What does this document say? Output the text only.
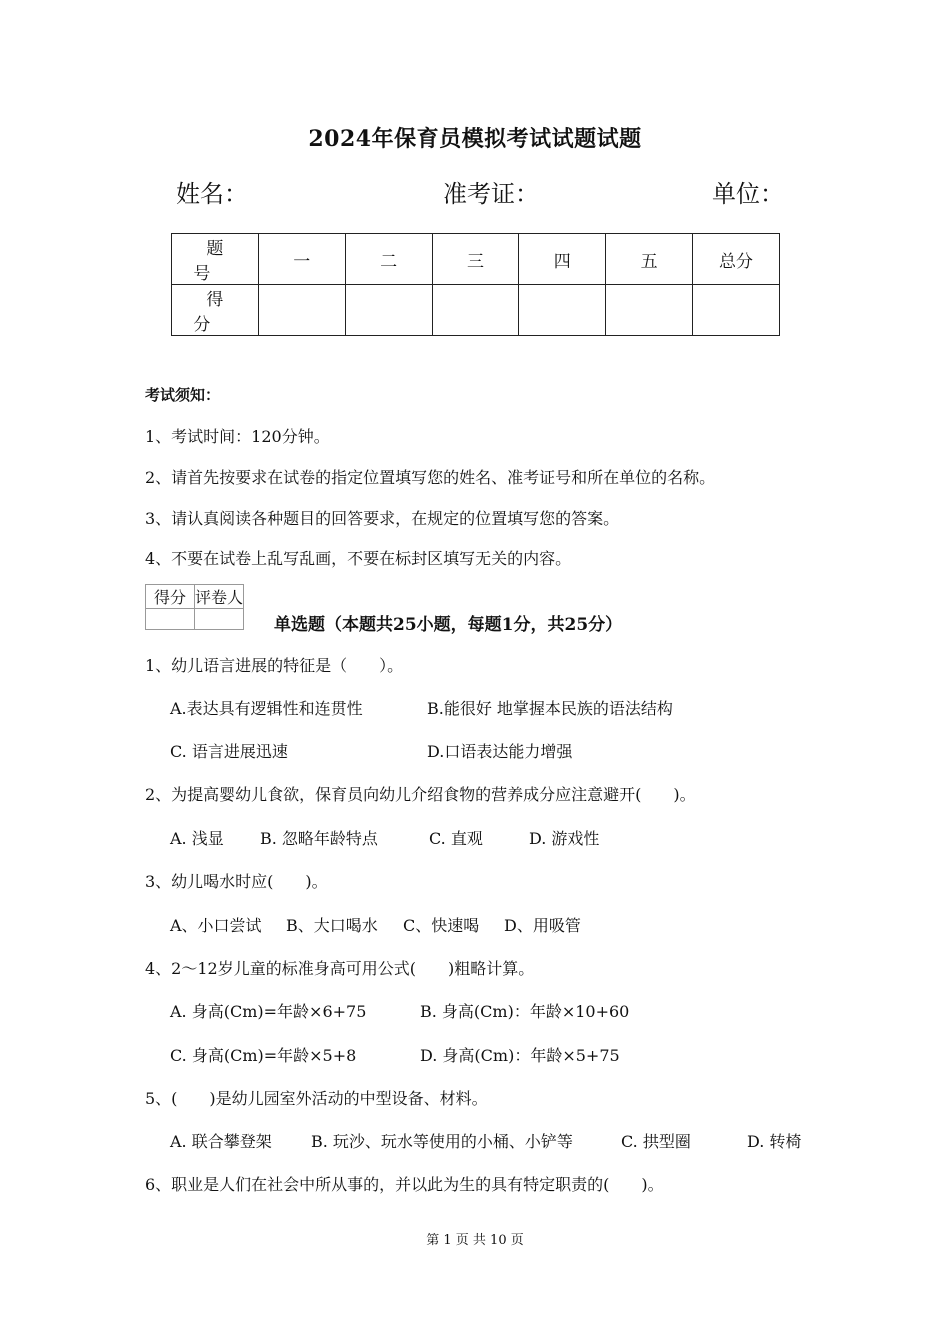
2024年保育员模拟考试试题试题
姓名：	准考证：	单位：
题　号	一	二	三	四	五	总分
得　分						
考试须知：
1、考试时间：120分钟。
2、请首先按要求在试卷的指定位置填写您的姓名、准考证号和所在单位的名称。
3、请认真阅读各种题目的回答要求，在规定的位置填写您的答案。
4、不要在试卷上乱写乱画，不要在标封区填写无关的内容。
得分	评卷人

单选题（本题共25小题，每题1分，共25分）
1、幼儿语言进展的特征是（　　）。
A.表达具有逻辑性和连贯性	B.能很好 地掌握本民族的语法结构
C. 语言进展迅速	D.口语表达能力增强
2、为提高婴幼儿食欲，保育员向幼儿介绍食物的营养成分应注意避开(　　)。
A. 浅显 B. 忽略年龄特点	C. 直观	D. 游戏性
3、幼儿喝水时应(　　)。
A、小口尝试 B、大口喝水 C、快速喝 D、用吸管
4、2～12岁儿童的标准身高可用公式(　　)粗略计算。
A. 身高(Cm)=年龄×6+75	B. 身高(Cm)：年龄×10+60
C. 身高(Cm)=年龄×5+8	D. 身高(Cm)：年龄×5+75
5、(　　)是幼儿园室外活动的中型设备、材料。
A. 联合攀登架 B. 玩沙、玩水等使用的小桶、小铲等	C. 拱型圈	D. 转椅
6、职业是人们在社会中所从事的，并以此为生的具有特定职责的(　　)。
第 1 页 共 10 页
